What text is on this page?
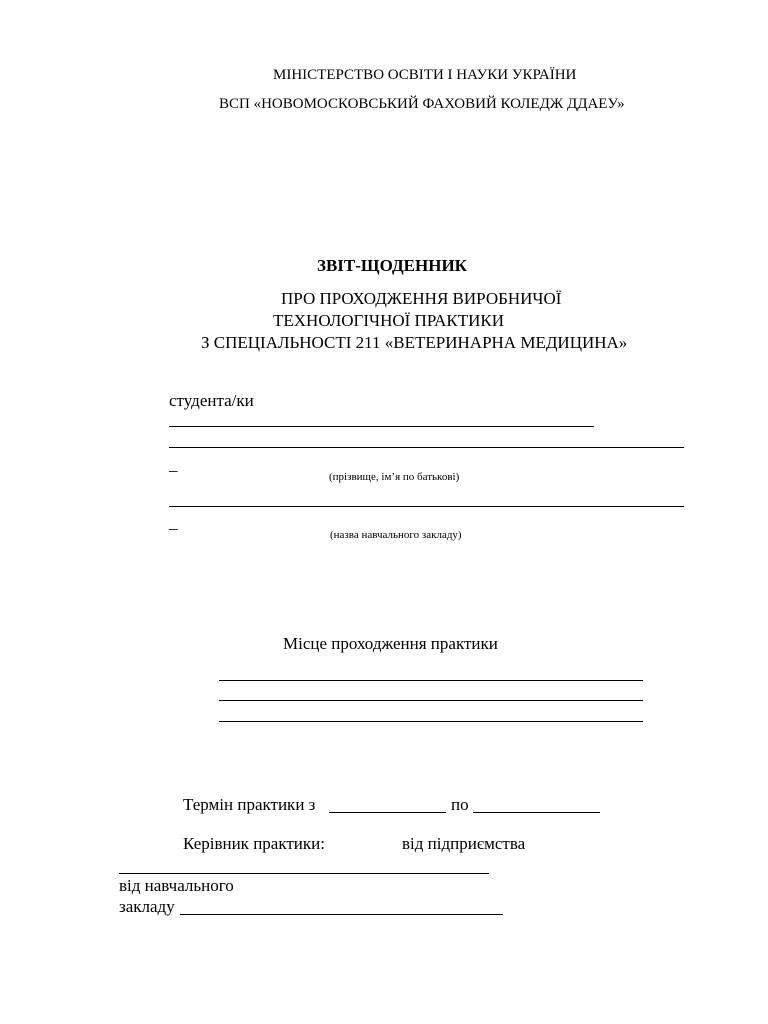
МІНІСТЕРСТВО ОСВІТИ І НАУКИ УКРАЇНИ
ВСП «НОВОМОСКОВСЬКИЙ ФАХОВИЙ КОЛЕДЖ ДДАЕУ»
ЗВІТ-ЩОДЕННИК
ПРО ПРОХОДЖЕННЯ ВИРОБНИЧОЇ
ТЕХНОЛОГІЧНОЇ ПРАКТИКИ
З СПЕЦІАЛЬНОСТІ 211 «ВЕТЕРИНАРНА МЕДИЦИНА»
студента/ки
_
(прізвище, ім’я по батькові)
_
(назва навчального закладу)
Місце проходження практики
Термін практики з	по
Керівник практики:	від підприємства
від навчального
закладу
